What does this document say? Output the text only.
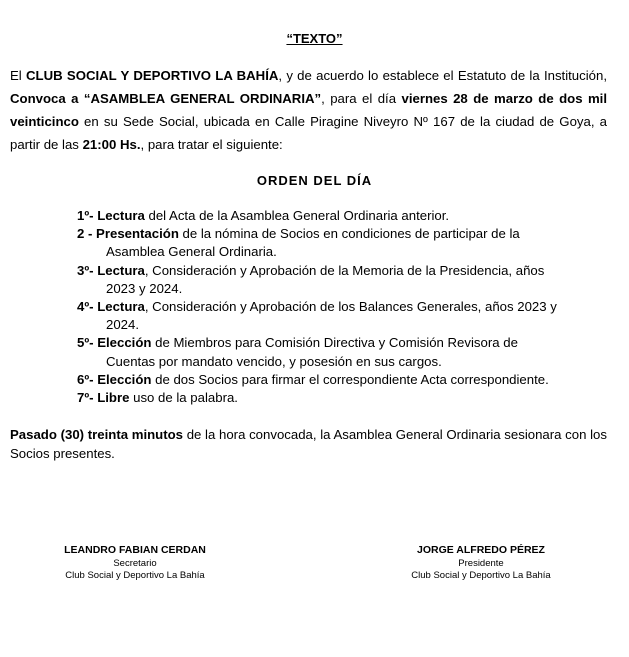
“TEXTO”
El CLUB SOCIAL Y DEPORTIVO LA BAHÍA, y de acuerdo lo establece el Estatuto de la Institución, Convoca a “ASAMBLEA GENERAL ORDINARIA”, para el día viernes 28 de marzo de dos mil veinticinco en su Sede Social, ubicada en Calle Piragine Niveyro Nº 167 de la ciudad de Goya, a partir de las 21:00 Hs., para tratar el siguiente:
ORDEN DEL DÍA
1º- Lectura del Acta de la Asamblea General Ordinaria anterior.
2 - Presentación de la nómina de Socios en condiciones de participar de la
Asamblea General Ordinaria.
3º- Lectura, Consideración y Aprobación de la Memoria de la Presidencia, años
2023 y 2024.
4º- Lectura, Consideración y Aprobación de los Balances Generales, años 2023 y
2024.
5º- Elección de Miembros para Comisión Directiva y Comisión Revisora de
Cuentas por mandato vencido, y posesión en sus cargos.
6º- Elección de dos Socios para firmar el correspondiente Acta correspondiente.
7º- Libre uso de la palabra.
Pasado (30) treinta minutos de la hora convocada, la Asamblea General Ordinaria sesionara con los Socios presentes.
LEANDRO FABIAN CERDAN
Secretario
Club Social y Deportivo La Bahía
JORGE ALFREDO PÉREZ
Presidente
Club Social y Deportivo La Bahía
